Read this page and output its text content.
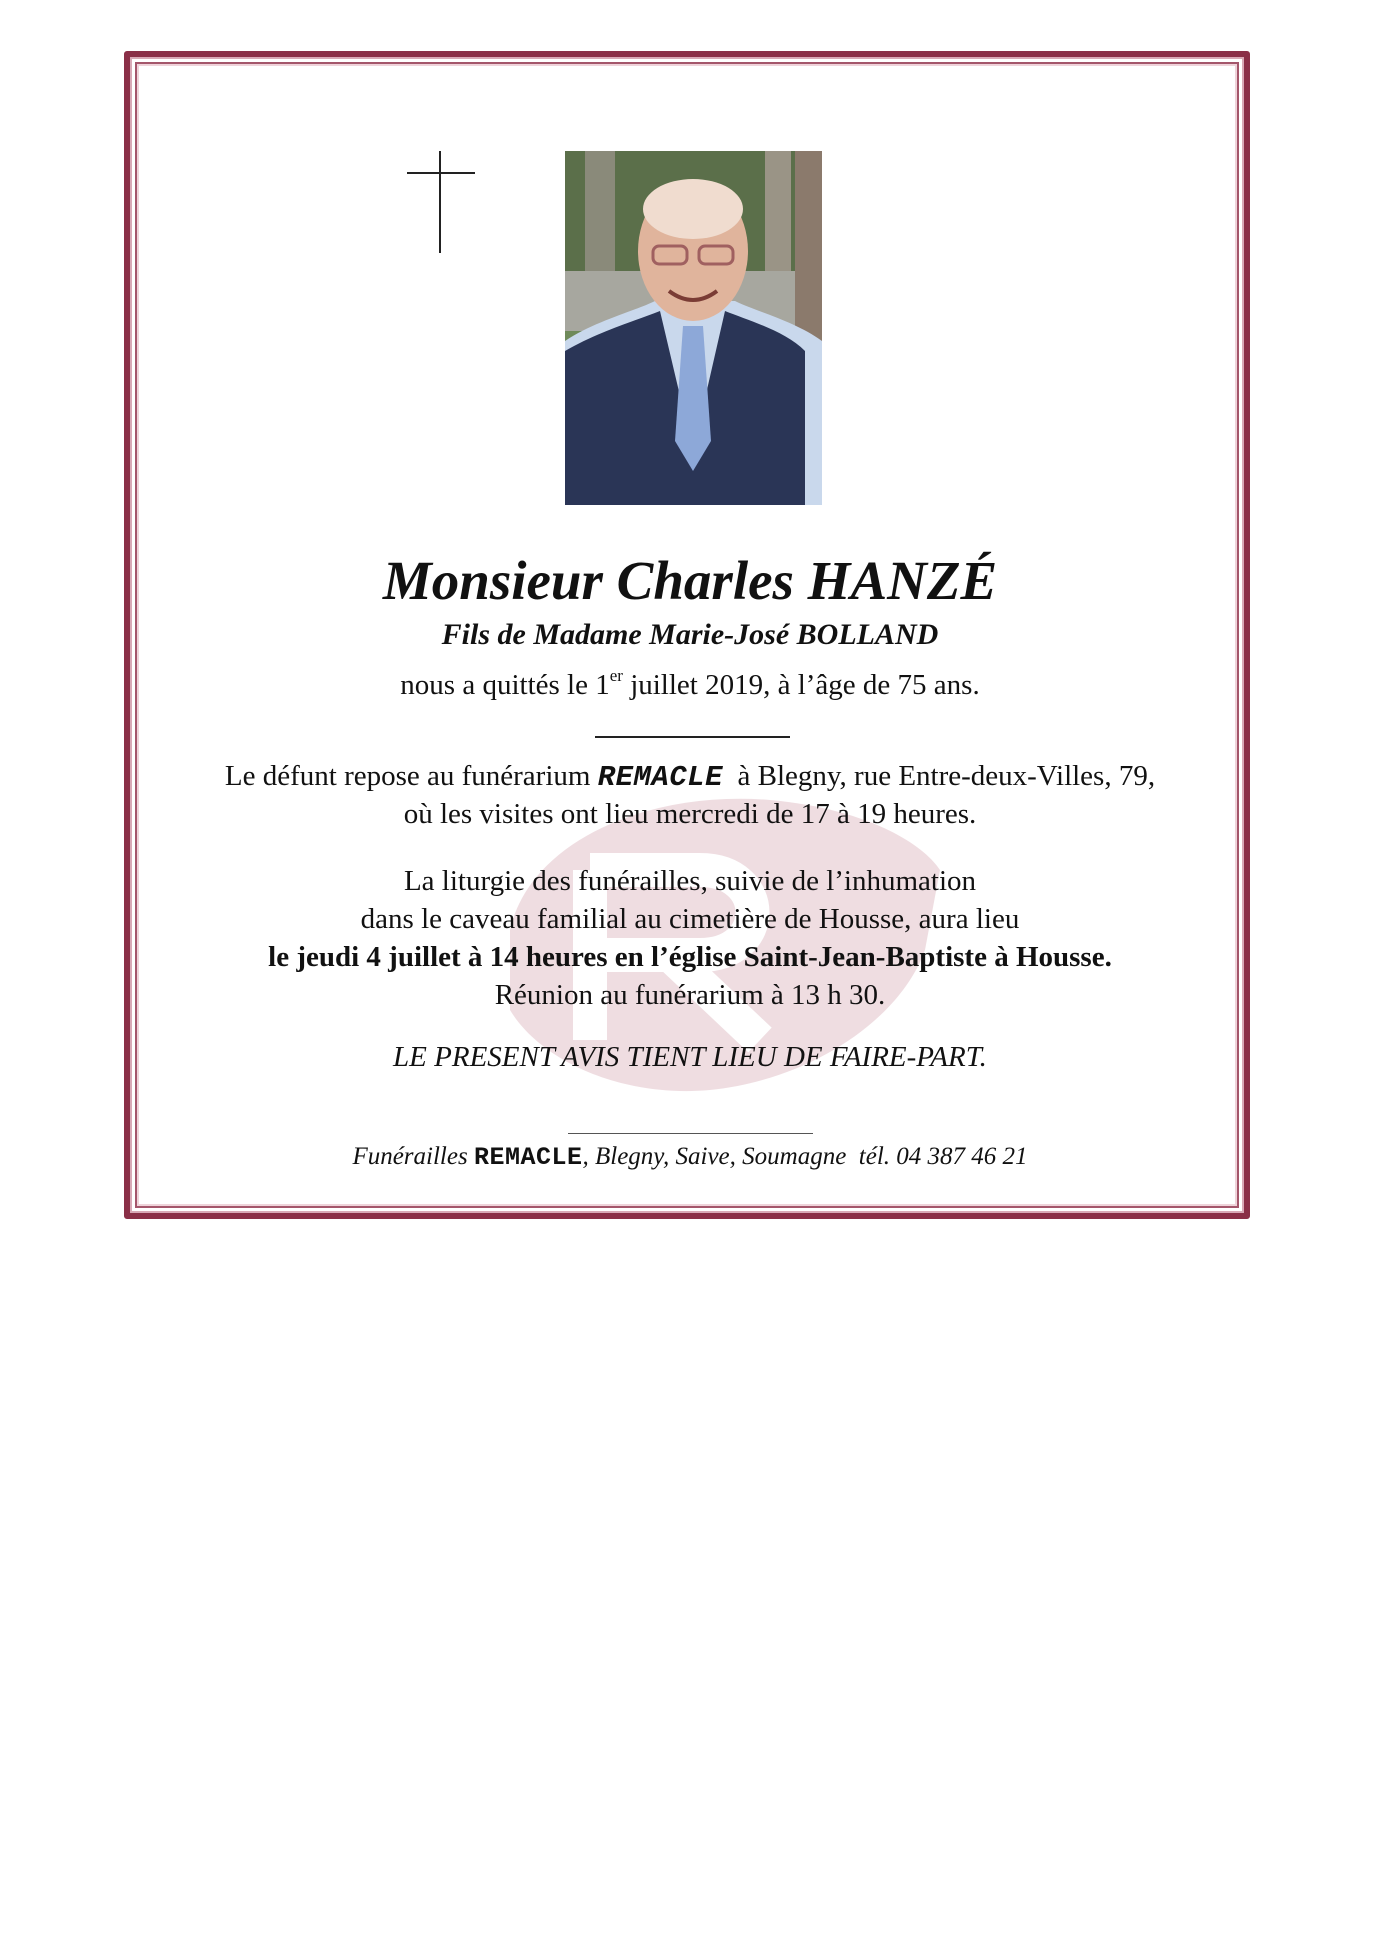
Monsieur Charles HANZÉ
Fils de Madame Marie-José BOLLAND
nous a quittés le 1er juillet 2019, à l’âge de 75 ans.
Le défunt repose au funérarium REMACLE  à Blegny, rue Entre-deux-Villes, 79,
où les visites ont lieu mercredi de 17 à 19 heures.
La liturgie des funérailles, suivie de l’inhumation
dans le caveau familial au cimetière de Housse, aura lieu
le jeudi 4 juillet à 14 heures en l’église Saint-Jean-Baptiste à Housse.
Réunion au funérarium à 13 h 30.
LE PRESENT AVIS TIENT LIEU DE FAIRE-PART.
Funérailles REMACLE, Blegny, Saive, Soumagne  tél. 04 387 46 21
